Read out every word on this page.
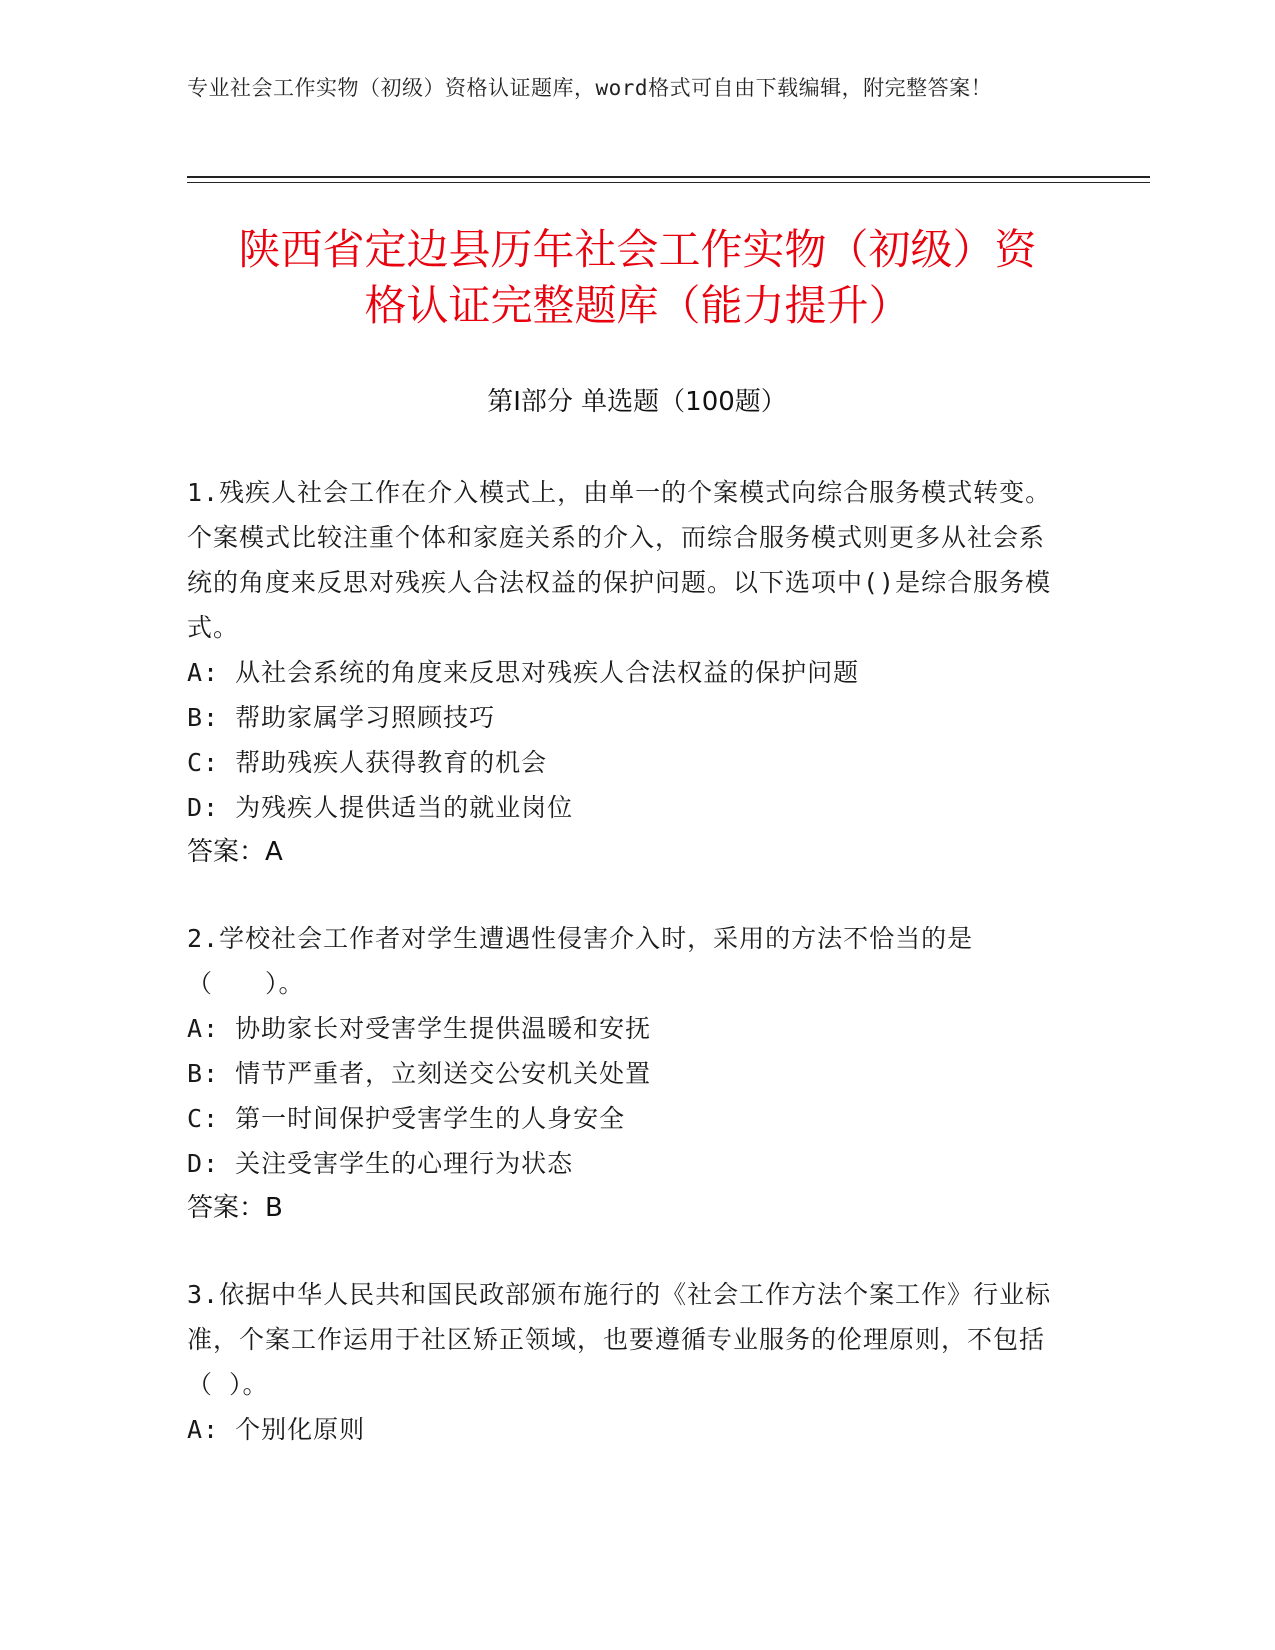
专业社会工作实物（初级）资格认证题库，word格式可自由下载编辑，附完整答案！
陕西省定边县历年社会工作实物（初级）资
格认证完整题库（能力提升）
第Ⅰ部分 单选题（100题）

1.残疾人社会工作在介入模式上，由单一的个案模式向综合服务模式转变。个案模式比较注重个体和家庭关系的介入，而综合服务模式则更多从社会系统的角度来反思对残疾人合法权益的保护问题。以下选项中()是综合服务模式。

A: 从社会系统的角度来反思对残疾人合法权益的保护问题

B: 帮助家属学习照顾技巧

C: 帮助残疾人获得教育的机会

D: 为残疾人提供适当的就业岗位

答案：A

2.学校社会工作者对学生遭遇性侵害介入时，采用的方法不恰当的是（　　）。

A: 协助家长对受害学生提供温暖和安抚

B: 情节严重者，立刻送交公安机关处置

C: 第一时间保护受害学生的人身安全

D: 关注受害学生的心理行为状态

答案：B

3.依据中华人民共和国民政部颁布施行的《社会工作方法个案工作》行业标准，个案工作运用于社区矫正领域，也要遵循专业服务的伦理原则，不包括（ ）。

A: 个别化原则
